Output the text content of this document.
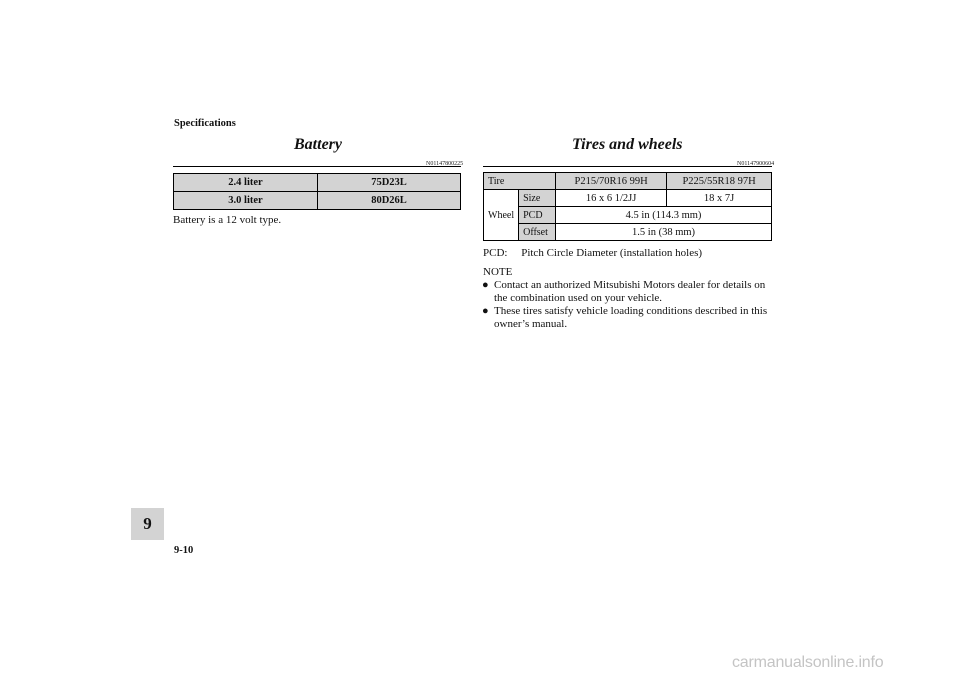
Specifications
Battery
N01147800225
2.4 liter	75D23L
3.0 liter	80D26L
Battery is a 12 volt type.
Tires and wheels
N01147900604
Tire		P215/70R16 99H	P225/55R18 97H
Wheel	Size	16 x 6 1/2JJ	18 x 7J
	PCD	4.5 in (114.3 mm)	
	Offset	1.5 in (38 mm)	
PCD:     Pitch Circle Diameter (installation holes)
NOTE
● Contact an authorized Mitsubishi Motors dealer for details on the combination used on your vehicle.
● These tires satisfy vehicle loading conditions described in this owner’s manual.
9
9-10
carmanualsonline.info
